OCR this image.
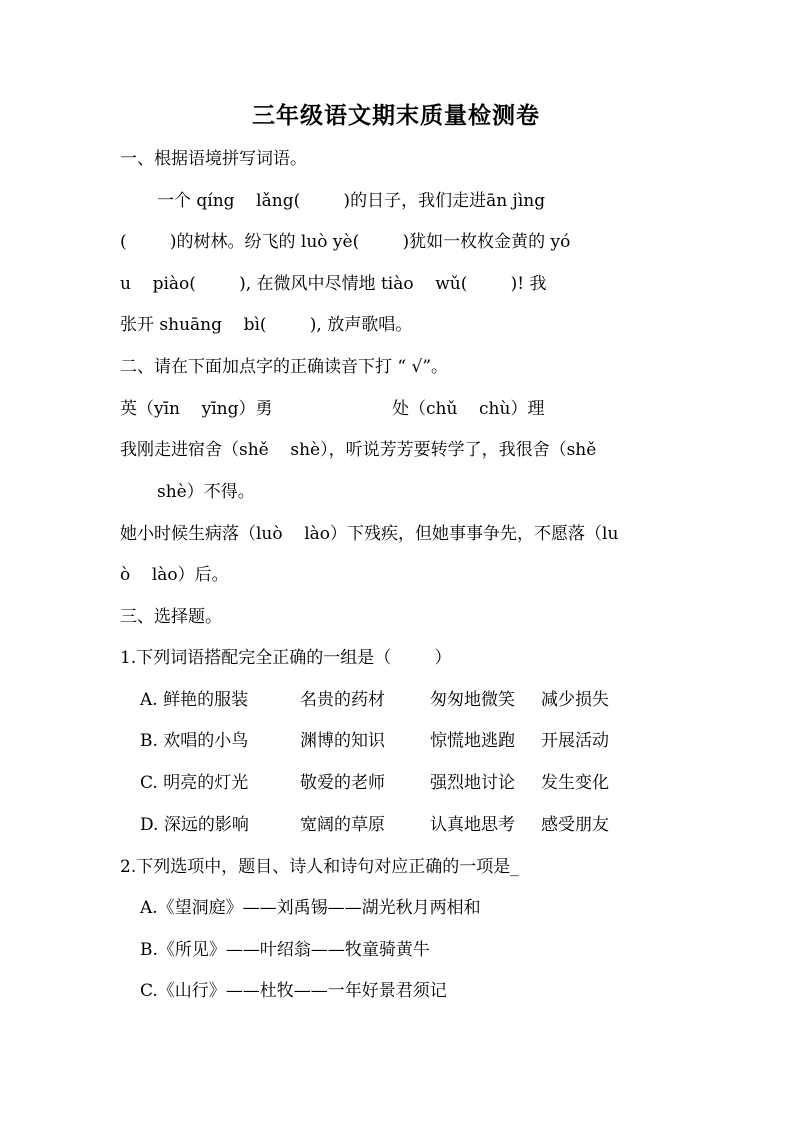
三年级语文期末质量检测卷
一、根据语境拼写词语。
一个 qíng    lǎng(        )的日子，我们走进ān jìng
(        )的树林。纷飞的 luò yè(        )犹如一枚枚金黄的 yó
u    piào(        ), 在微风中尽情地 tiào    wǔ(        )! 我
张开 shuāng    bì(        ), 放声歌唱。
二、请在下面加点字的正确读音下打 “ √”。
英（yīn    yīng）勇	处（chǔ    chù）理
我刚走进宿舍（shě    shè），听说芳芳要转学了，我很舍（shě
shè）不得。
她小时候生病落（luò    lào）下残疾，但她事事争先，不愿落（lu
ò    lào）后。
三、选择题。
1.下列词语搭配完全正确的一组是（        ）
A. 鲜艳的服装	名贵的药材	匆匆地微笑 减少损失
B. 欢唱的小鸟	渊博的知识	惊慌地逃跑 开展活动
C. 明亮的灯光	敬爱的老师	强烈地讨论 发生变化
D. 深远的影响	宽阔的草原	认真地思考 感受朋友
2.下列选项中，题目、诗人和诗句对应正确的一项是_
A.《望洞庭》——刘禹锡——湖光秋月两相和
B.《所见》——叶绍翁——牧童骑黄牛
C.《山行》——杜牧——一年好景君须记
